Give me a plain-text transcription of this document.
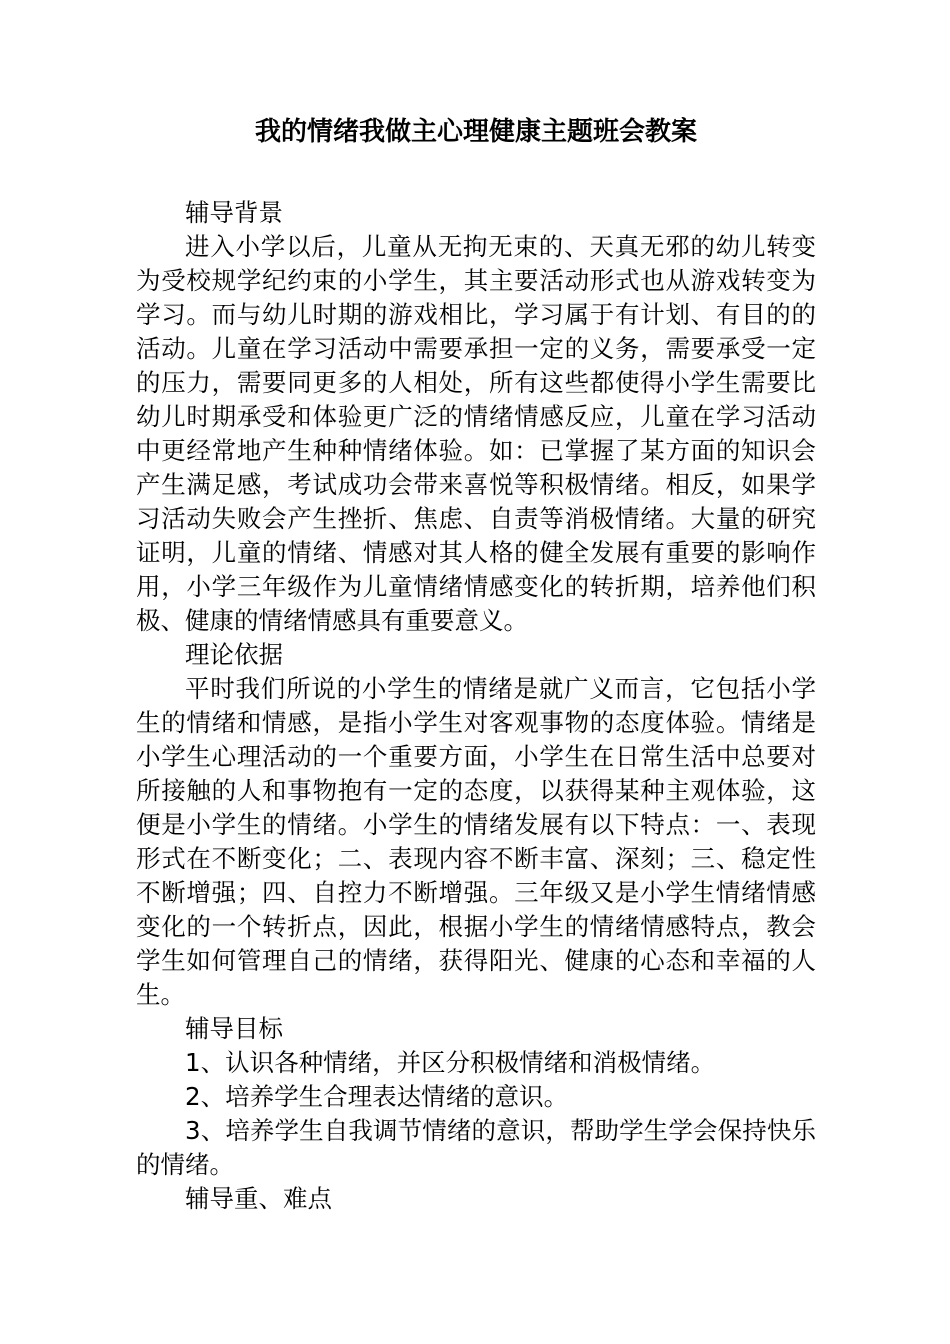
我的情绪我做主心理健康主题班会教案

辅导背景

进入小学以后，儿童从无拘无束的、天真无邪的幼儿转变为受校规学纪约束的小学生，其主要活动形式也从游戏转变为学习。而与幼儿时期的游戏相比，学习属于有计划、有目的的活动。儿童在学习活动中需要承担一定的义务，需要承受一定的压力，需要同更多的人相处，所有这些都使得小学生需要比幼儿时期承受和体验更广泛的情绪情感反应，儿童在学习活动中更经常地产生种种情绪体验。如：已掌握了某方面的知识会产生满足感，考试成功会带来喜悦等积极情绪。相反，如果学习活动失败会产生挫折、焦虑、自责等消极情绪。大量的研究证明，儿童的情绪、情感对其人格的健全发展有重要的影响作用，小学三年级作为儿童情绪情感变化的转折期，培养他们积极、健康的情绪情感具有重要意义。

理论依据

平时我们所说的小学生的情绪是就广义而言，它包括小学生的情绪和情感，是指小学生对客观事物的态度体验。情绪是小学生心理活动的一个重要方面，小学生在日常生活中总要对所接触的人和事物抱有一定的态度，以获得某种主观体验，这便是小学生的情绪。小学生的情绪发展有以下特点：一、表现形式在不断变化；二、表现内容不断丰富、深刻；三、稳定性不断增强；四、自控力不断增强。三年级又是小学生情绪情感变化的一个转折点，因此，根据小学生的情绪情感特点，教会学生如何管理自己的情绪，获得阳光、健康的心态和幸福的人生。

辅导目标

1、认识各种情绪，并区分积极情绪和消极情绪。

2、培养学生合理表达情绪的意识。

3、培养学生自我调节情绪的意识，帮助学生学会保持快乐的情绪。

辅导重、难点
